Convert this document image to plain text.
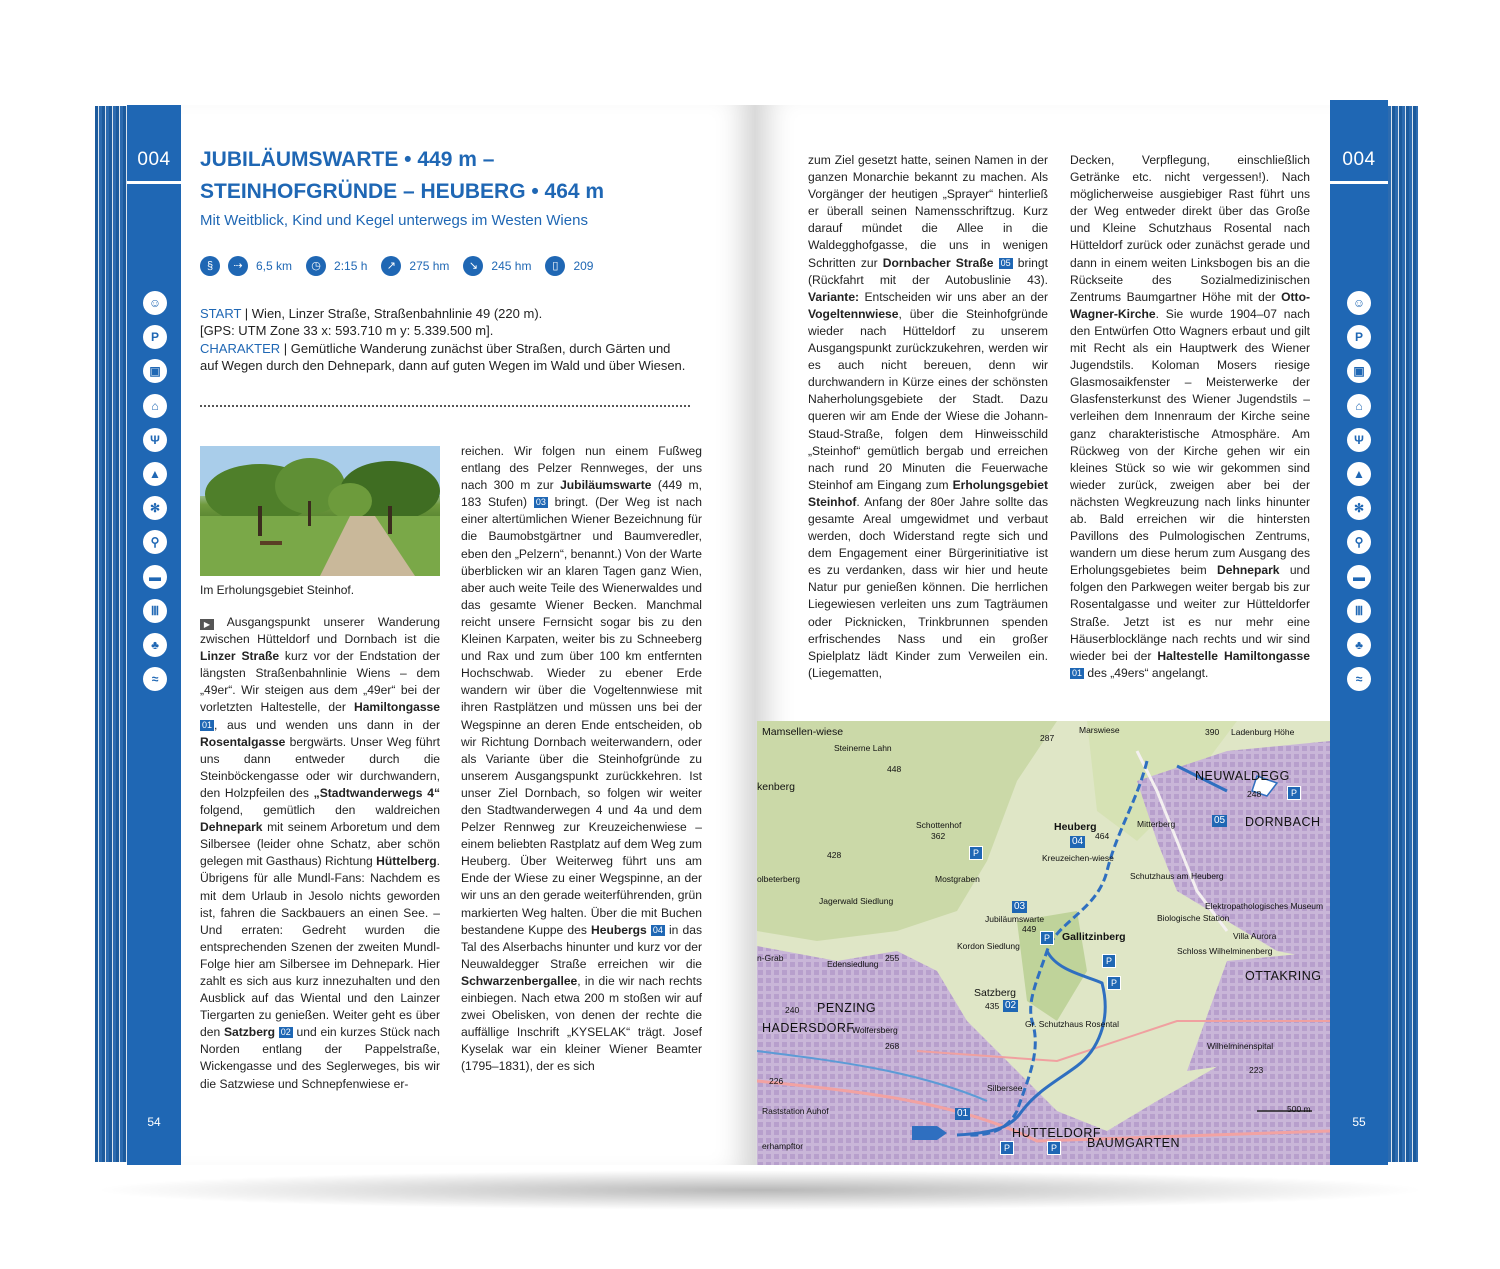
004
54
JUBILÄUMSWARTE • 449 m –
STEINHOFGRÜNDE – HEUBERG • 464 m
Mit Weitblick, Kind und Kegel unterwegs im Westen Wiens
§	⇢	6,5 km	◷	2:15 h	↗	275 hm	↘	245 hm	▯	209
START | Wien, Linzer Straße, Straßenbahnlinie 49 (220 m).
[GPS: UTM Zone 33 x: 593.710 m y: 5.339.500 m].
CHARAKTER | Gemütliche Wanderung zunächst über Straßen, durch Gärten und auf Wegen durch den Dehnepark, dann auf guten Wegen im Wald und über Wiesen.
Im Erholungsgebiet Steinhof.

▶ Ausgangspunkt unserer Wanderung zwischen Hütteldorf und Dornbach ist die Linzer Straße kurz vor der Endstation der längsten Straßenbahnlinie Wiens – dem „49er“. Wir steigen aus dem „49er“ bei der vorletzten Haltestelle, der Hamiltongasse 01 , aus und wenden uns dann in der Rosentalgasse bergwärts. Unser Weg führt uns dann entweder durch die Steinböckengasse oder wir durchwandern, den Holzpfeilen des „Stadtwanderwegs 4“ folgend, gemütlich den waldreichen Dehnepark mit seinem Arboretum und dem Silbersee (leider ohne Schatz, aber schön gelegen mit Gasthaus) Richtung Hüttelberg. Übrigens für alle Mundl-Fans: Nachdem es mit dem Urlaub in Jesolo nichts geworden ist, fahren die Sackbauers an einen See. – Und erraten: Gedreht wurden die entsprechenden Szenen der zweiten Mundl-Folge hier am Silbersee im Dehnepark. Hier zahlt es sich aus kurz innezuhalten und den Ausblick auf das Wiental und den Lainzer Tiergarten zu genießen. Weiter geht es über den Satzberg 02 und ein kurzes Stück nach Norden entlang der Pappelstraße, Wickengasse und des Seglerweges, bis wir die Satzwiese und Schnepfenwiese er-

reichen. Wir folgen nun einem Fußweg entlang des Pelzer Rennweges, der uns nach 300 m zur Jubiläumswarte (449 m, 183 Stufen) 03 bringt. (Der Weg ist nach einer altertümlichen Wiener Bezeichnung für die Baumobstgärtner und Baumveredler, eben den „Pelzern“, benannt.) Von der Warte überblicken wir an klaren Tagen ganz Wien, aber auch weite Teile des Wienerwaldes und das gesamte Wiener Becken. Manchmal reicht unsere Fernsicht sogar bis zu den Kleinen Karpaten, weiter bis zu Schneeberg und Rax und zum über 100 km entfernten Hochschwab. Wieder zu ebener Erde wandern wir über die Vogeltennwiese mit ihren Rastplätzen und müssen uns bei der Wegspinne an deren Ende entscheiden, ob wir Richtung Dornbach weiterwandern, oder als Variante über die Steinhofgründe zu unserem Ausgangspunkt zurückkehren. Ist unser Ziel Dornbach, so folgen wir weiter den Stadtwanderwegen 4 und 4a und dem Pelzer Rennweg zur Kreuzeichenwiese – einem beliebten Rastplatz auf dem Weg zum Heuberg. Über Weiterweg führt uns am Ende der Wiese zu einer Wegspinne, an der wir uns an den gerade weiterführenden, grün markierten Weg halten. Über die mit Buchen bestandene Kuppe des Heubergs 04 in das Tal des Alserbachs hinunter und kurz vor der Neuwaldegger Straße erreichen wir die Schwarzenbergallee, in die wir nach rechts einbiegen. Nach etwa 200 m stoßen wir auf zwei Obelisken, von denen der rechte die auffällige Inschrift „KYSELAK“ trägt. Josef Kyselak war ein kleiner Wiener Beamter (1795–1831), der es sich

004
55

zum Ziel gesetzt hatte, seinen Namen in der ganzen Monarchie bekannt zu machen. Als Vorgänger der heutigen „Sprayer“ hinterließ er überall seinen Namensschriftzug. Kurz darauf mündet die Allee in die Waldegghofgasse, die uns in wenigen Schritten zur Dornbacher Straße 05 bringt (Rückfahrt mit der Autobuslinie 43). Variante: Entscheiden wir uns aber an der Vogeltennwiese, über die Steinhofgründe wieder nach Hütteldorf zu unserem Ausgangspunkt zurückzukehren, werden wir es auch nicht bereuen, denn wir durchwandern in Kürze eines der schönsten Naherholungsgebiete der Stadt. Dazu queren wir am Ende der Wiese die Johann-Staud-Straße, folgen dem Hinweisschild „Steinhof“ gemütlich bergab und erreichen nach rund 20 Minuten die Feuerwache Steinhof am Eingang zum Erholungsgebiet Steinhof. Anfang der 80er Jahre sollte das gesamte Areal umgewidmet und verbaut werden, doch Widerstand regte sich und dem Engagement einer Bürgerinitiative ist es zu verdanken, dass wir hier und heute Natur pur genießen können. Die herrlichen Liegewiesen verleiten uns zum Tagträumen oder Picknicken, Trinkbrunnen spenden erfrischendes Nass und ein großer Spielplatz lädt Kinder zum Verweilen ein. (Liegematten,

Decken, Verpflegung, einschließlich Getränke etc. nicht vergessen!). Nach möglicherweise ausgiebiger Rast führt uns der Weg entweder direkt über das Große und Kleine Schutzhaus Rosental nach Hütteldorf zurück oder zunächst gerade und dann in einem weiten Linksbogen bis an die Rückseite des Sozialmedizinischen Zentrums Baumgartner Höhe mit der Otto-Wagner-Kirche. Sie wurde 1904–07 nach den Entwürfen Otto Wagners erbaut und gilt mit Recht als ein Hauptwerk des Wiener Jugendstils. Koloman Mosers riesige Glasmosaikfenster – Meisterwerke der Glasfensterkunst des Wiener Jugendstils – verleihen dem Innenraum der Kirche seine ganz charakteristische Atmosphäre. Am Rückweg von der Kirche gehen wir ein kleines Stück so wie wir gekommen sind wieder zurück, zweigen aber bei der nächsten Wegkreuzung nach links hinunter ab. Bald erreichen wir die hintersten Pavillons des Pulmologischen Zentrums, wandern um diese herum zum Ausgang des Erholungsgebietes beim Dehnepark und folgen den Parkwegen weiter bergab bis zur Rosentalgasse und weiter zur Hütteldorfer Straße. Jetzt ist es nur mehr eine Häuserblocklänge nach rechts und wir sind wieder bei der Haltestelle Hamiltongasse 01 des „49ers“ angelangt.

Mamsellen-wiese
kenberg
Steinerne Lahn
448
287
Marswiese	390 Ladenburg Höhe
NEUWALDEGG
248
05 DORNBACH
Schottenhof
362
Heuberg
464
04
Mitterberg
428	Kreuzeichen-wiese
Mostgraben	Schutzhaus am Heuberg
olbeterberg
Jagerwald Siedlung	03
Jubiläumswarte
449
Biologische Station
Elektropathologisches Museum
Gallitzinberg
Kordon Siedlung	Schloss Wilhelminenberg
Villa Aurora
255
Edensiedlung
n-Grab
OTTAKRING
Satzberg
435 02
PENZING
240
HADERSDORF
Wolfersberg
Gr. Schutzhaus Rosental
268	Wilhelminenspital
226
Silbersee
223
Raststation Auhof	500 m
01
HÜTTELDORF
BAUMGARTEN
erhampftor
P
P
P
P
P	P
P
☺
P
▣
⌂
Ψ
▲
✻
⚲
▬
Ⅲ
♣
≈
☺
P
▣
⌂
Ψ
▲
✻
⚲
▬
Ⅲ
♣
≈
